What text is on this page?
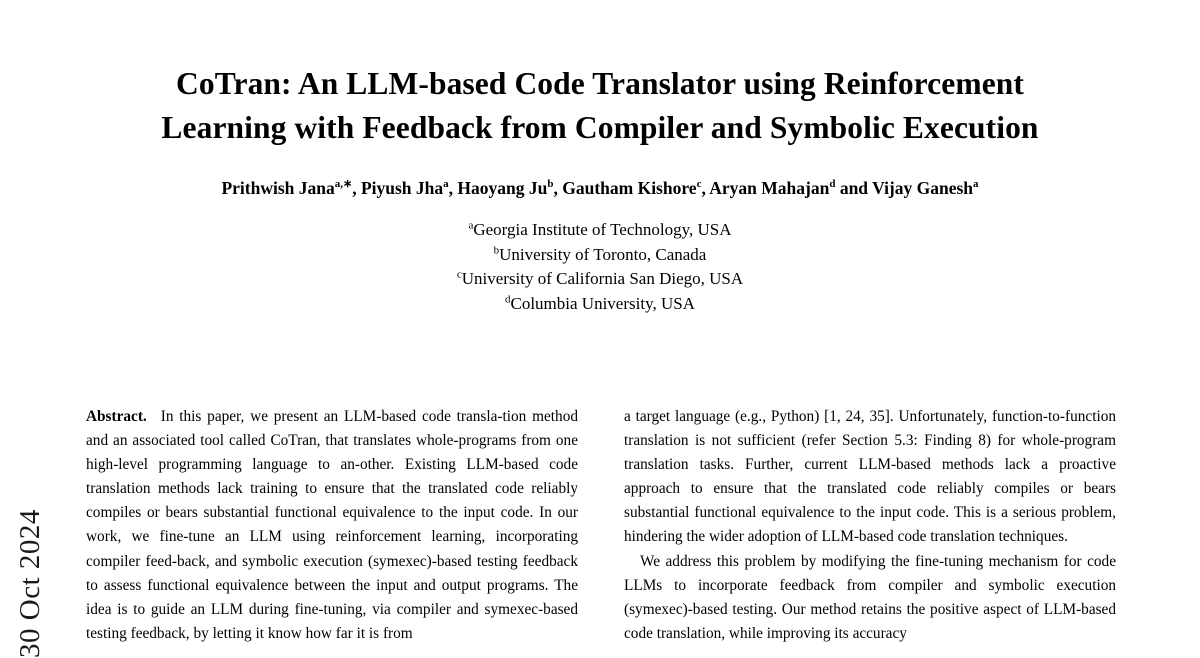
30 Oct 2024
CoTran: An LLM-based Code Translator using Reinforcement Learning with Feedback from Compiler and Symbolic Execution
Prithwish Jana$^{a,∗}$, Piyush Jha$^a$, Haoyang Ju$^b$, Gautham Kishore$^c$, Aryan Mahajan$^d$ and Vijay Ganesh$^a$
$^a$Georgia Institute of Technology, USA
$^b$University of Toronto, Canada
$^c$University of California San Diego, USA
$^d$Columbia University, USA

Abstract. In this paper, we present an LLM-based code transla-tion method and an associated tool called CoTran, that translates whole-programs from one high-level programming language to an-other. Existing LLM-based code translation methods lack training to ensure that the translated code reliably compiles or bears substantial functional equivalence to the input code. In our work, we fine-tune an LLM using reinforcement learning, incorporating compiler feed-back, and symbolic execution (symexec)-based testing feedback to assess functional equivalence between the input and output programs. The idea is to guide an LLM during fine-tuning, via compiler and symexec-based testing feedback, by letting it know how far it is from

a target language (e.g., Python) [1, 24, 35]. Unfortunately, function-to-function translation is not sufficient (refer Section 5.3: Finding 8) for whole-program translation tasks. Further, current LLM-based methods lack a proactive approach to ensure that the translated code reliably compiles or bears substantial functional equivalence to the input code. This is a serious problem, hindering the wider adoption of LLM-based code translation techniques.

We address this problem by modifying the fine-tuning mechanism for code LLMs to incorporate feedback from compiler and symbolic execution (symexec)-based testing. Our method retains the positive aspect of LLM-based code translation, while improving its accuracy
